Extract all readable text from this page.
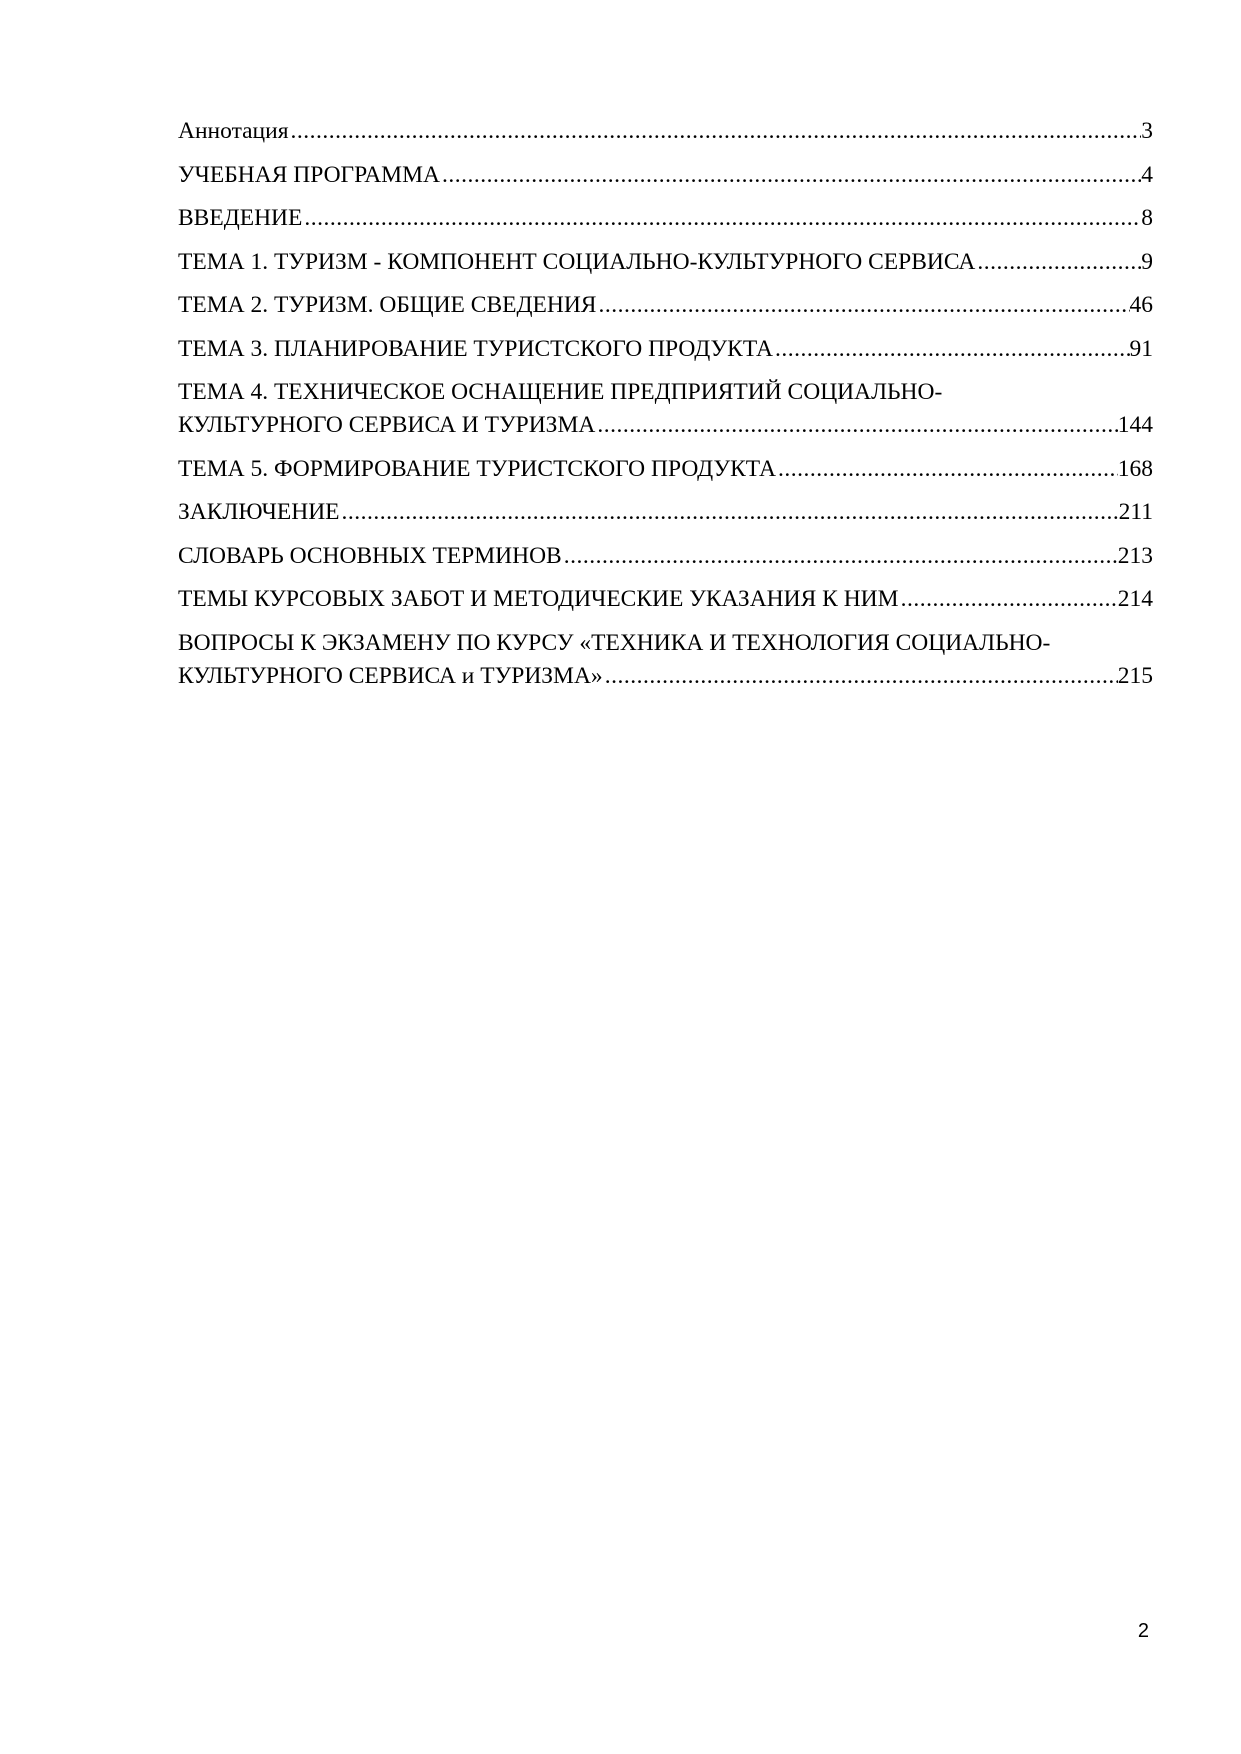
Аннотация .....	3
УЧЕБНАЯ ПРОГРАММА .....	4
ВВЕДЕНИЕ .....	8
ТЕМА 1. ТУРИЗМ - КОМПОНЕНТ СОЦИАЛЬНО-КУЛЬТУРНОГО СЕРВИСА .....	9
ТЕМА 2. ТУРИЗМ. ОБЩИЕ СВЕДЕНИЯ .....	46
ТЕМА 3. ПЛАНИРОВАНИЕ ТУРИСТСКОГО ПРОДУКТА .....	91
ТЕМА 4. ТЕХНИЧЕСКОЕ ОСНАЩЕНИЕ ПРЕДПРИЯТИЙ СОЦИАЛЬНО-
КУЛЬТУРНОГО СЕРВИСА И ТУРИЗМА .....	144
ТЕМА 5. ФОРМИРОВАНИЕ ТУРИСТСКОГО ПРОДУКТА .....	168
ЗАКЛЮЧЕНИЕ .....	211
СЛОВАРЬ ОСНОВНЫХ ТЕРМИНОВ .....	213
ТЕМЫ КУРСОВЫХ ЗАБОТ И МЕТОДИЧЕСКИЕ УКАЗАНИЯ К НИМ .....	214
ВОПРОСЫ К ЭКЗАМЕНУ ПО КУРСУ «ТЕХНИКА И ТЕХНОЛОГИЯ СОЦИАЛЬНО-
КУЛЬТУРНОГО СЕРВИСА и ТУРИЗМА» .....	215
2
